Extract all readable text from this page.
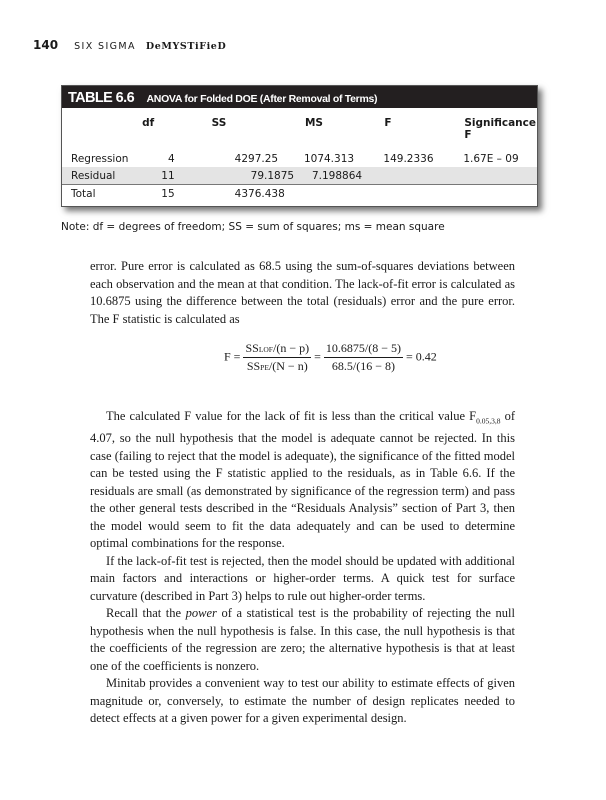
140 SIX SIGMA DeMYSTiFieD
TABLE 6.6 ANOVA for Folded DOE (After Removal of Terms)
	df	SS	MS	F	Significance F
Regression	4	4297.25	1074.313	149.2336	1.67E – 09
Residual	11	79.1875	7.198864		
Total	15	4376.438			
Note: df = degrees of freedom; SS = sum of squares; ms = mean square

error. Pure error is calculated as 68.5 using the sum-of-squares deviations between each observation and the mean at that condition. The lack-of-fit error is calculated as 10.6875 using the difference between the total (residuals) error and the pure error. The F statistic is calculated as

$F = \frac{\text{SSLOF/(n − p)}}{\text{SSPE/(N − n)}} = \frac{10.6875/(8 - 5)}{68.5/(16 - 8)} = 0.42$

The calculated F value for the lack of fit is less than the critical value $F_{0.05,3,8}$ of 4.07, so the null hypothesis that the model is adequate cannot be rejected. In this case (failing to reject that the model is adequate), the significance of the fitted model can be tested using the F statistic applied to the residuals, as in Table 6.6. If the residuals are small (as demonstrated by significance of the regression term) and pass the other general tests described in the “Residuals Analysis” section of Part 3, then the model would seem to fit the data adequately and can be used to determine optimal combinations for the response.

If the lack-of-fit test is rejected, then the model should be updated with additional main factors and interactions or higher-order terms. A quick test for surface curvature (described in Part 3) helps to rule out higher-order terms.

Recall that the power of a statistical test is the probability of rejecting the null hypothesis when the null hypothesis is false. In this case, the null hypothesis is that the coefficients of the regression are zero; the alternative hypothesis is that at least one of the coefficients is nonzero.

Minitab provides a convenient way to test our ability to estimate effects of given magnitude or, conversely, to estimate the number of design replicates needed to detect effects at a given power for a given experimental design.
